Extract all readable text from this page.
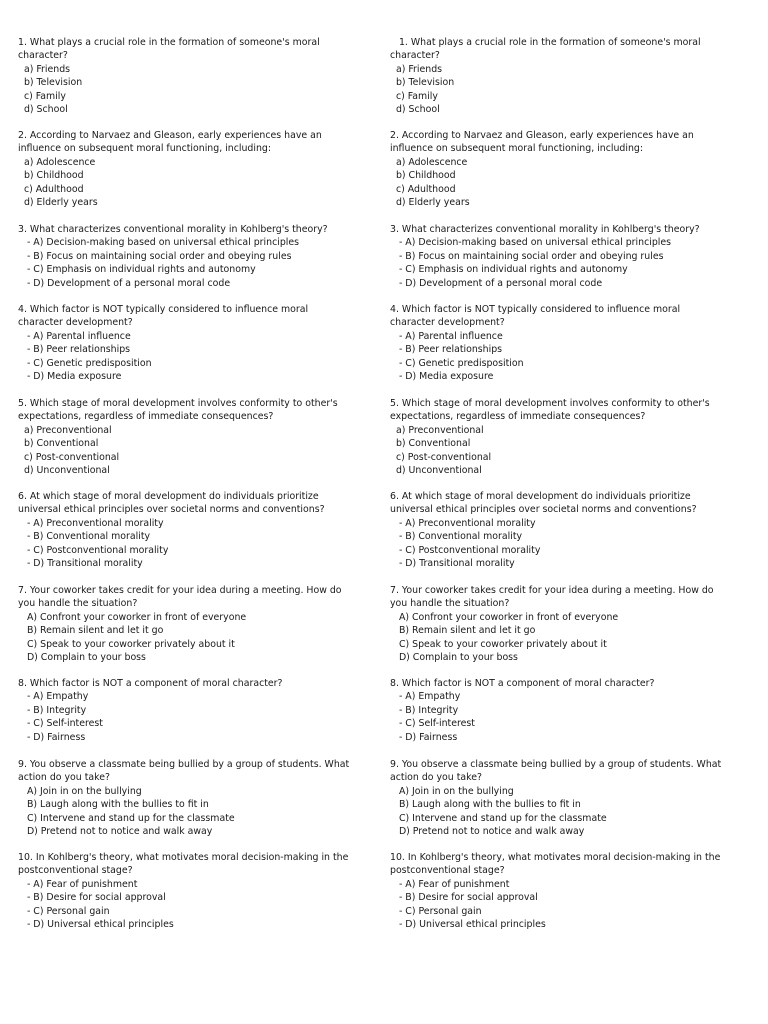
1. What plays a crucial role in the formation of someone's moral
character?
a) Friends
b) Television
c) Family
d) School
2. According to Narvaez and Gleason, early experiences have an
influence on subsequent moral functioning, including:
a) Adolescence
b) Childhood
c) Adulthood
d) Elderly years
3. What characterizes conventional morality in Kohlberg's theory?
- A) Decision-making based on universal ethical principles
- B) Focus on maintaining social order and obeying rules
- C) Emphasis on individual rights and autonomy
- D) Development of a personal moral code
4. Which factor is NOT typically considered to influence moral
character development?
- A) Parental influence
- B) Peer relationships
- C) Genetic predisposition
- D) Media exposure
5. Which stage of moral development involves conformity to other's
expectations, regardless of immediate consequences?
a) Preconventional
b) Conventional
c) Post-conventional
d) Unconventional
6. At which stage of moral development do individuals prioritize
universal ethical principles over societal norms and conventions?
- A) Preconventional morality
- B) Conventional morality
- C) Postconventional morality
- D) Transitional morality
7. Your coworker takes credit for your idea during a meeting. How do
you handle the situation?
A) Confront your coworker in front of everyone
B) Remain silent and let it go
C) Speak to your coworker privately about it
D) Complain to your boss
8. Which factor is NOT a component of moral character?
- A) Empathy
- B) Integrity
- C) Self-interest
- D) Fairness
9. You observe a classmate being bullied by a group of students. What
action do you take?
A) Join in on the bullying
B) Laugh along with the bullies to fit in
C) Intervene and stand up for the classmate
D) Pretend not to notice and walk away
10. In Kohlberg's theory, what motivates moral decision-making in the
postconventional stage?
- A) Fear of punishment
- B) Desire for social approval
- C) Personal gain
- D) Universal ethical principles
1. What plays a crucial role in the formation of someone's moral
character?
a) Friends
b) Television
c) Family
d) School
2. According to Narvaez and Gleason, early experiences have an
influence on subsequent moral functioning, including:
a) Adolescence
b) Childhood
c) Adulthood
d) Elderly years
3. What characterizes conventional morality in Kohlberg's theory?
- A) Decision-making based on universal ethical principles
- B) Focus on maintaining social order and obeying rules
- C) Emphasis on individual rights and autonomy
- D) Development of a personal moral code
4. Which factor is NOT typically considered to influence moral
character development?
- A) Parental influence
- B) Peer relationships
- C) Genetic predisposition
- D) Media exposure
5. Which stage of moral development involves conformity to other's
expectations, regardless of immediate consequences?
a) Preconventional
b) Conventional
c) Post-conventional
d) Unconventional
6. At which stage of moral development do individuals prioritize
universal ethical principles over societal norms and conventions?
- A) Preconventional morality
- B) Conventional morality
- C) Postconventional morality
- D) Transitional morality
7. Your coworker takes credit for your idea during a meeting. How do
you handle the situation?
A) Confront your coworker in front of everyone
B) Remain silent and let it go
C) Speak to your coworker privately about it
D) Complain to your boss
8. Which factor is NOT a component of moral character?
- A) Empathy
- B) Integrity
- C) Self-interest
- D) Fairness
9. You observe a classmate being bullied by a group of students. What
action do you take?
A) Join in on the bullying
B) Laugh along with the bullies to fit in
C) Intervene and stand up for the classmate
D) Pretend not to notice and walk away
10. In Kohlberg's theory, what motivates moral decision-making in the
postconventional stage?
- A) Fear of punishment
- B) Desire for social approval
- C) Personal gain
- D) Universal ethical principles
